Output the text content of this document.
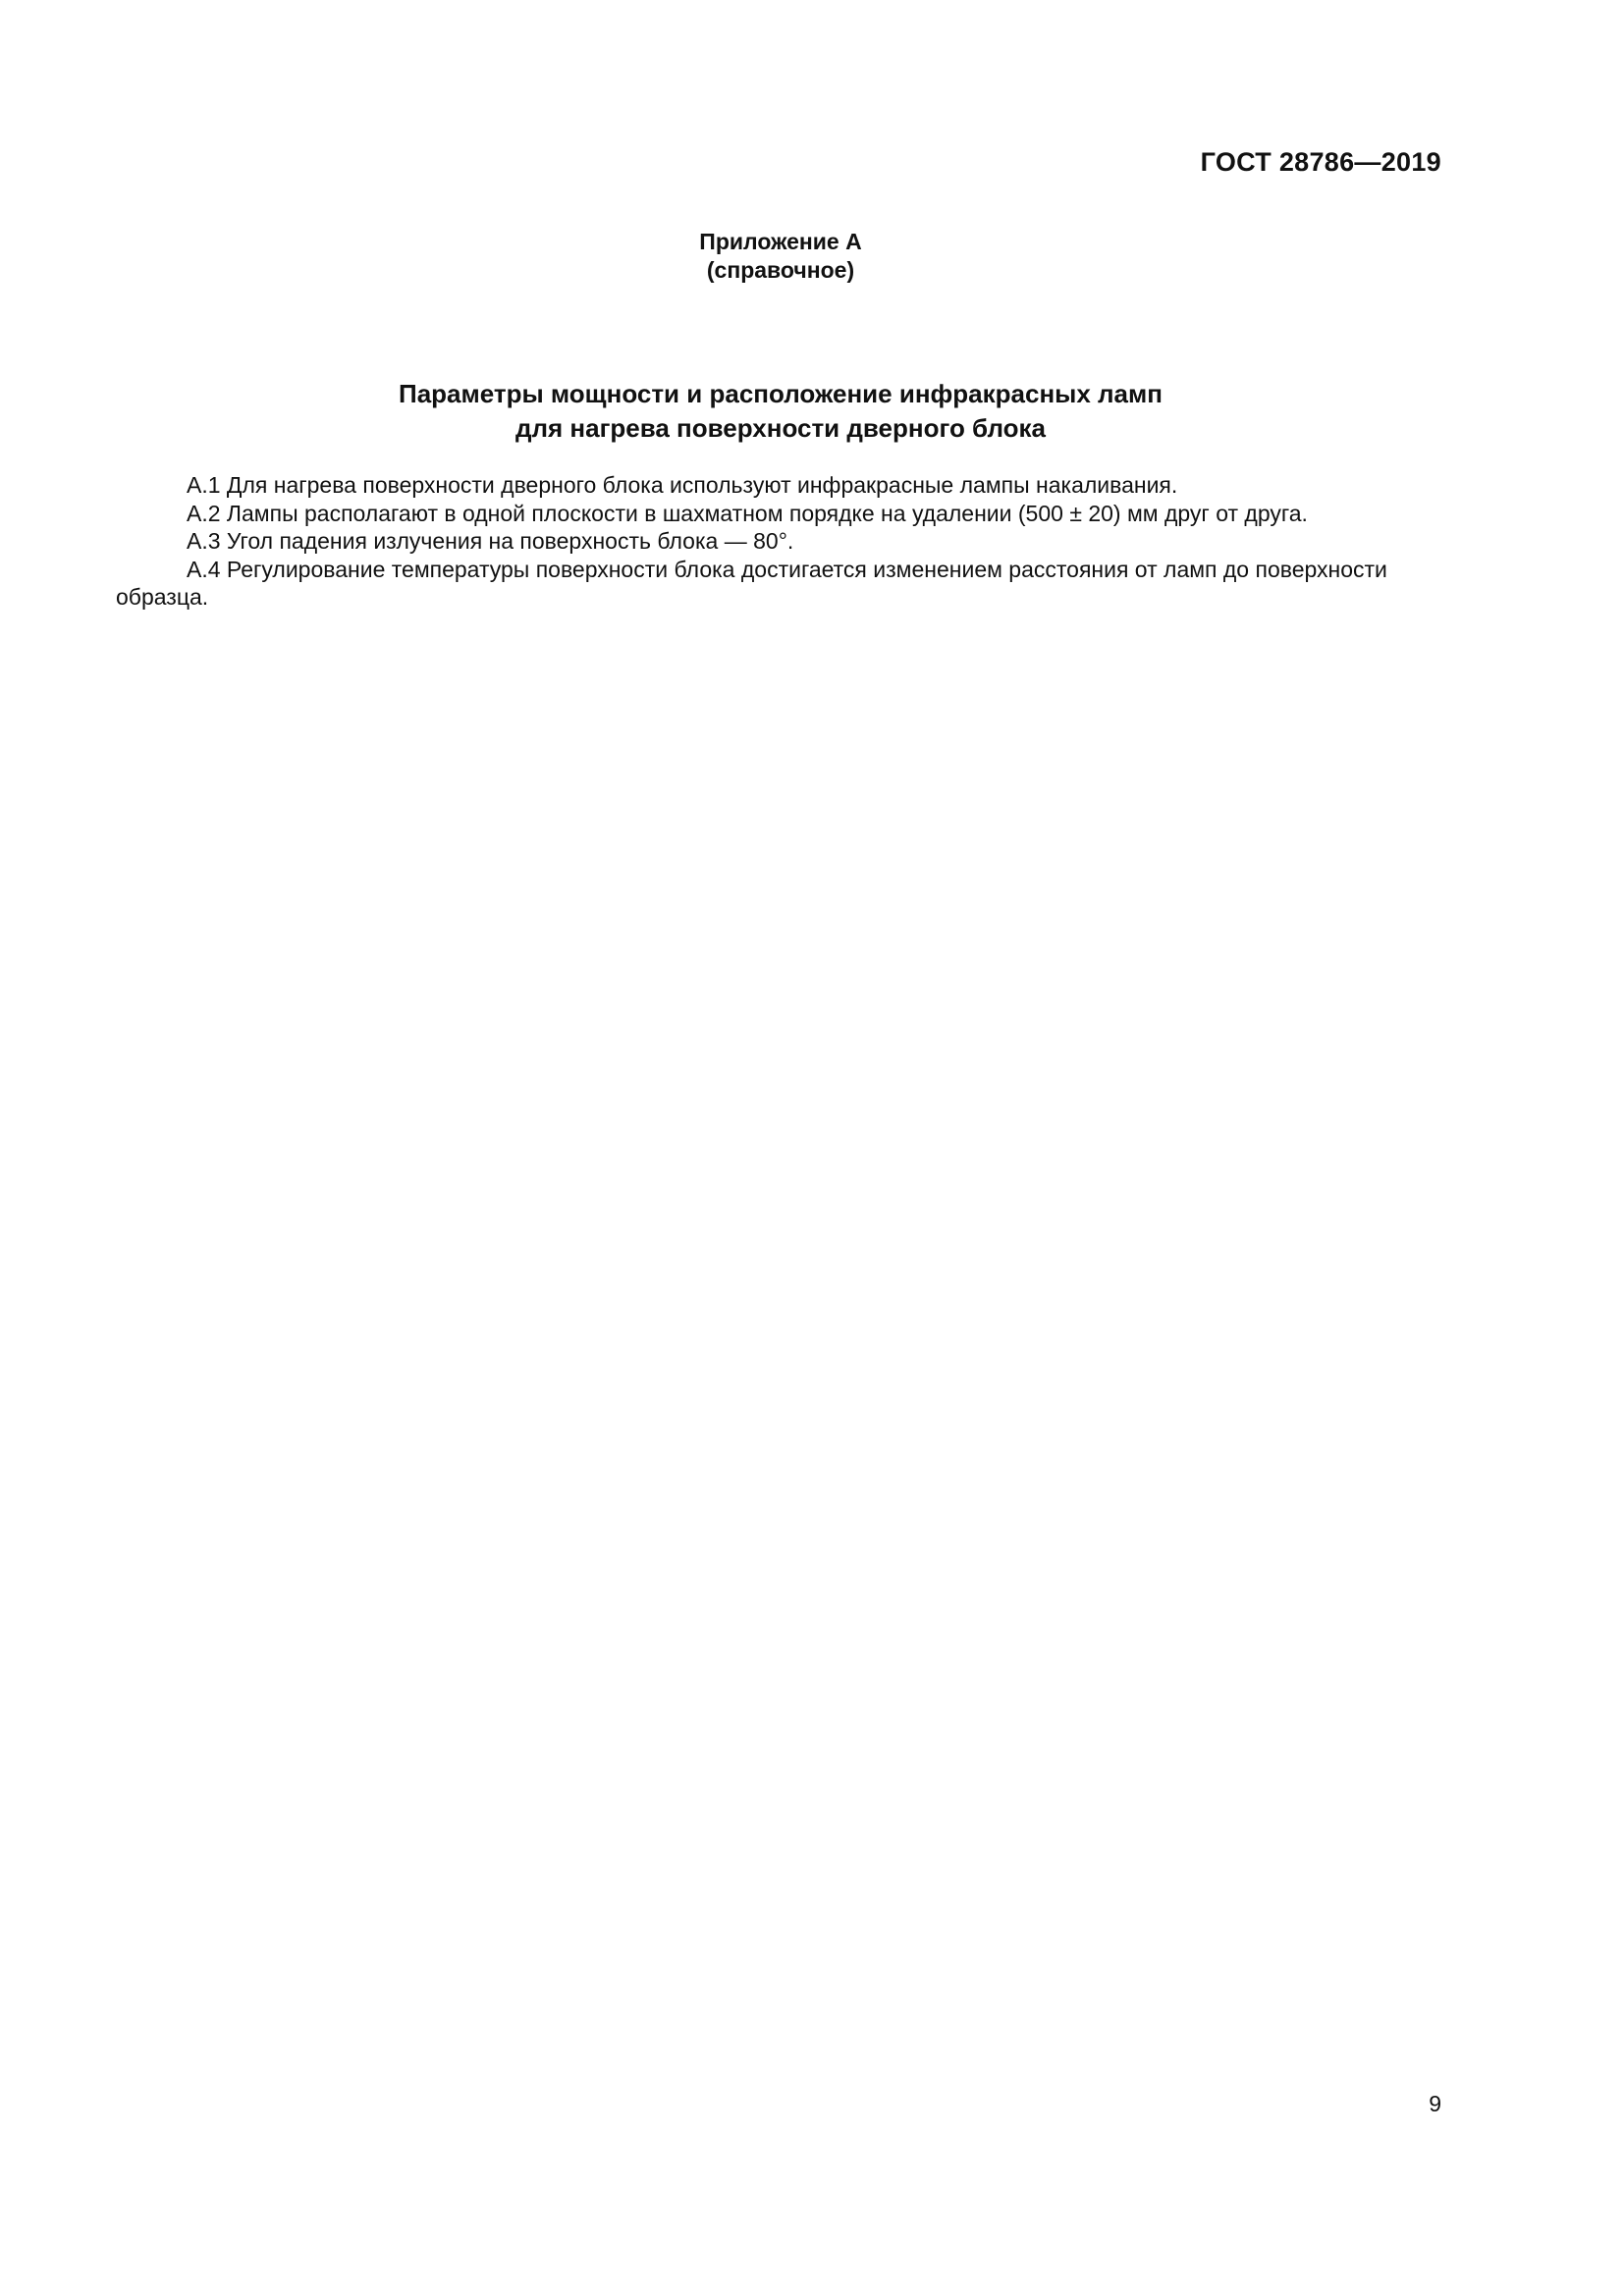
ГОСТ 28786—2019
Приложение А
(справочное)
Параметры мощности и расположение инфракрасных ламп
для нагрева поверхности дверного блока

А.1 Для нагрева поверхности дверного блока используют инфракрасные лампы накаливания.

А.2 Лампы располагают в одной плоскости в шахматном порядке на удалении (500 ± 20) мм друг от друга.

А.3 Угол падения излучения на поверхность блока — 80°.

А.4 Регулирование температуры поверхности блока достигается изменением расстояния от ламп до поверхности образца.

9
